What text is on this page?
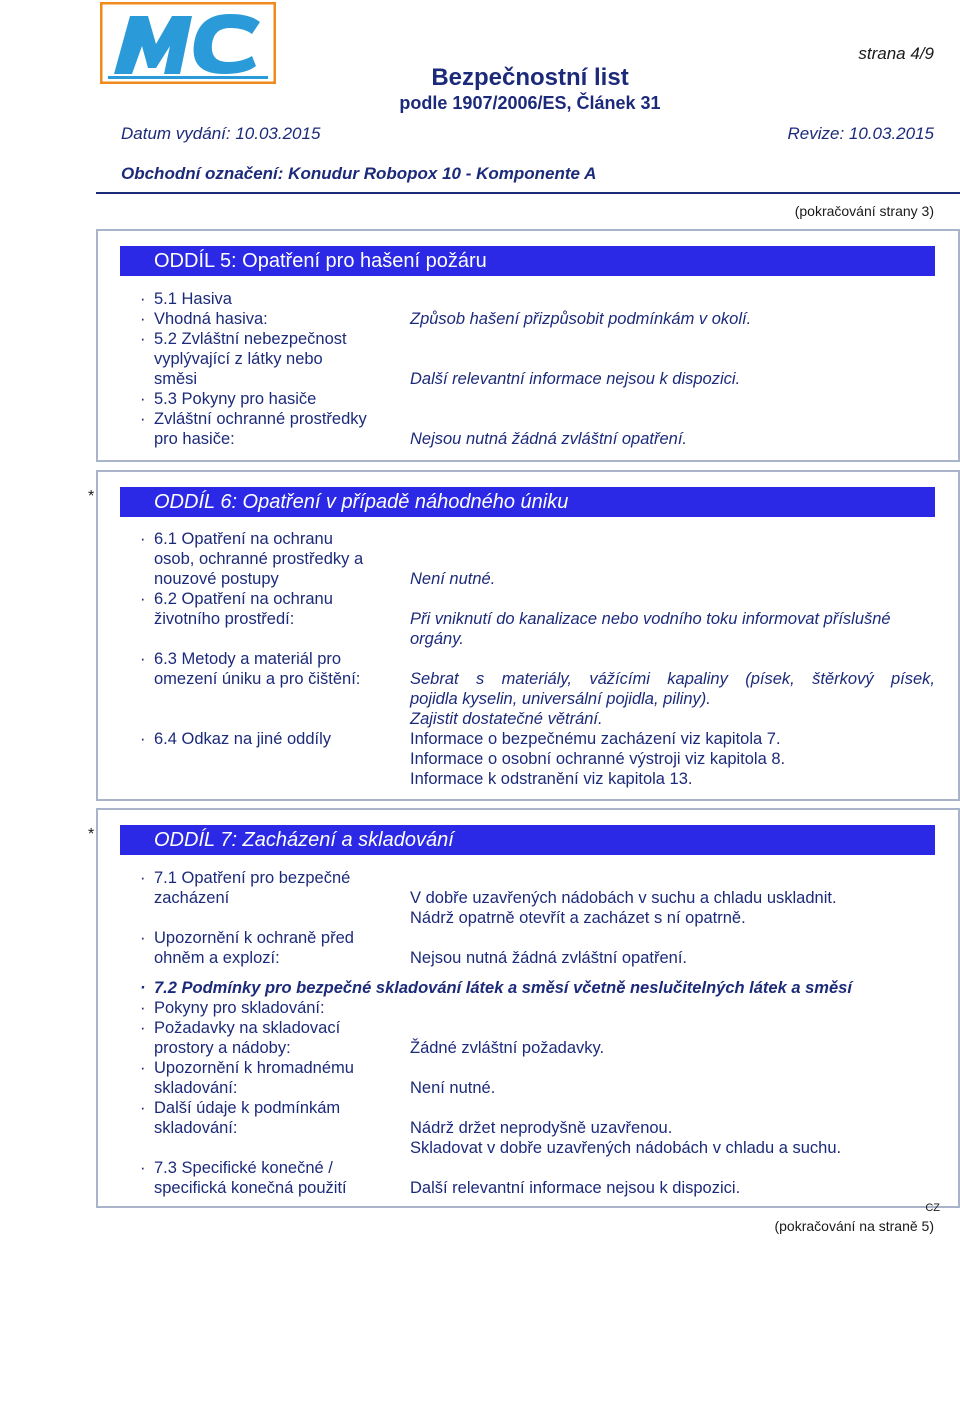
strana 4/9
Bezpečnostní list
podle 1907/2006/ES, Článek 31
Datum vydání: 10.03.2015	Revize: 10.03.2015
Obchodní označení: Konudur Robopox 10 - Komponente A
(pokračování strany 3)
ODDÍL 5: Opatření pro hašení požáru
· 5.1 Hasiva
· Vhodná hasiva:	Způsob hašení přizpůsobit podmínkám v okolí.
· 5.2 Zvláštní nebezpečnost
vyplývající z látky nebo
směsi	Další relevantní informace nejsou k dispozici.
· 5.3 Pokyny pro hasiče
· Zvláštní ochranné prostředky
pro hasiče:	Nejsou nutná žádná zvláštní opatření.
*	ODDÍL 6: Opatření v případě náhodného úniku
· 6.1 Opatření na ochranu
osob, ochranné prostředky a
nouzové postupy	Není nutné.
· 6.2 Opatření na ochranu
životního prostředí:	Při vniknutí do kanalizace nebo vodního toku informovat příslušné
orgány.
· 6.3 Metody a materiál pro
omezení úniku a pro čištění:	Sebrat s materiály, vážícími kapaliny (písek, štěrkový písek,
pojidla kyselin, universální pojidla, piliny).
Zajistit dostatečné větrání.
· 6.4 Odkaz na jiné oddíly	Informace o bezpečnému zacházení viz kapitola 7.
Informace o osobní ochranné výstroji viz kapitola 8.
Informace k odstranění viz kapitola 13.
*	ODDÍL 7: Zacházení a skladování
· 7.1 Opatření pro bezpečné
zacházení	V dobře uzavřených nádobách v suchu a chladu uskladnit.
Nádrž opatrně otevřít a zacházet s ní opatrně.
· Upozornění k ochraně před
ohněm a explozí:	Nejsou nutná žádná zvláštní opatření.
· 7.2 Podmínky pro bezpečné skladování látek a směsí včetně neslučitelných látek a směsí
· Pokyny pro skladování:
· Požadavky na skladovací
prostory a nádoby:	Žádné zvláštní požadavky.
· Upozornění k hromadnému
skladování:	Není nutné.
· Další údaje k podmínkám
skladování:	Nádrž držet neprodyšně uzavřenou.
Skladovat v dobře uzavřených nádobách v chladu a suchu.
· 7.3 Specifické konečné /
specifická konečná použití	Další relevantní informace nejsou k dispozici.
CZ
(pokračování na straně 5)
